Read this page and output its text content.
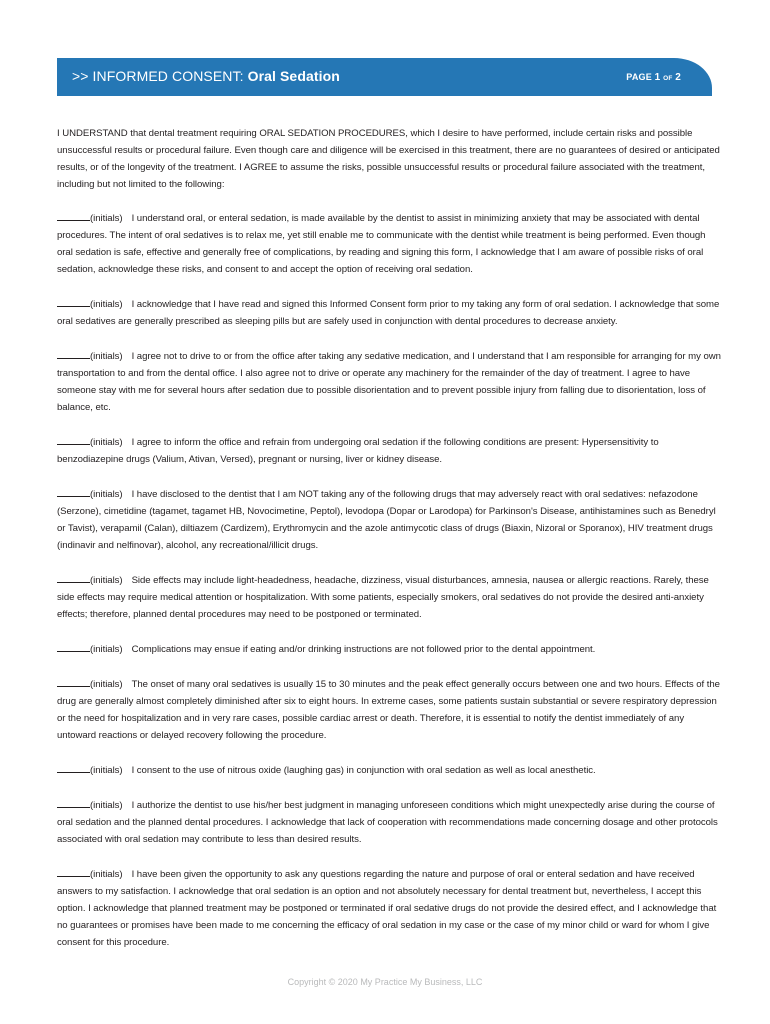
>> INFORMED CONSENT: Oral Sedation	PAGE 1 OF 2

I UNDERSTAND that dental treatment requiring ORAL SEDATION PROCEDURES, which I desire to have performed, include certain risks and possible unsuccessful results or procedural failure. Even though care and diligence will be exercised in this treatment, there are no guarantees of desired or anticipated results, or of the longevity of the treatment. I AGREE to assume the risks, possible unsuccessful results or procedural failure associated with the treatment, including but not limited to the following:

(initials) I understand oral, or enteral sedation, is made available by the dentist to assist in minimizing anxiety that may be associated with dental procedures. The intent of oral sedatives is to relax me, yet still enable me to communicate with the dentist while treatment is being performed. Even though oral sedation is safe, effective and generally free of complications, by reading and signing this form, I acknowledge that I am aware of possible risks of oral sedation, acknowledge these risks, and consent to and accept the option of receiving oral sedation.

(initials) I acknowledge that I have read and signed this Informed Consent form prior to my taking any form of oral sedation. I acknowledge that some oral sedatives are generally prescribed as sleeping pills but are safely used in conjunction with dental procedures to decrease anxiety.

(initials) I agree not to drive to or from the office after taking any sedative medication, and I understand that I am responsible for arranging for my own transportation to and from the dental office. I also agree not to drive or operate any machinery for the remainder of the day of treatment. I agree to have someone stay with me for several hours after sedation due to possible disorientation and to prevent possible injury from falling due to disorientation, loss of balance, etc.

(initials) I agree to inform the office and refrain from undergoing oral sedation if the following conditions are present: Hypersensitivity to benzodiazepine drugs (Valium, Ativan, Versed), pregnant or nursing, liver or kidney disease.

(initials) I have disclosed to the dentist that I am NOT taking any of the following drugs that may adversely react with oral sedatives: nefazodone (Serzone), cimetidine (tagamet, tagamet HB, Novocimetine, Peptol), levodopa (Dopar or Larodopa) for Parkinson's Disease, antihistamines such as Benedryl or Tavist), verapamil (Calan), diltiazem (Cardizem), Erythromycin and the azole antimycotic class of drugs (Biaxin, Nizoral or Sporanox), HIV treatment drugs (indinavir and nelfinovar), alcohol, any recreational/illicit drugs.

(initials) Side effects may include light-headedness, headache, dizziness, visual disturbances, amnesia, nausea or allergic reactions. Rarely, these side effects may require medical attention or hospitalization. With some patients, especially smokers, oral sedatives do not provide the desired anti-anxiety effects; therefore, planned dental procedures may need to be postponed or terminated.

(initials) Complications may ensue if eating and/or drinking instructions are not followed prior to the dental appointment.

(initials) The onset of many oral sedatives is usually 15 to 30 minutes and the peak effect generally occurs between one and two hours. Effects of the drug are generally almost completely diminished after six to eight hours. In extreme cases, some patients sustain substantial or severe respiratory depression or the need for hospitalization and in very rare cases, possible cardiac arrest or death. Therefore, it is essential to notify the dentist immediately of any untoward reactions or delayed recovery following the procedure.

(initials) I consent to the use of nitrous oxide (laughing gas) in conjunction with oral sedation as well as local anesthetic.

(initials) I authorize the dentist to use his/her best judgment in managing unforeseen conditions which might unexpectedly arise during the course of oral sedation and the planned dental procedures. I acknowledge that lack of cooperation with recommendations made concerning dosage and other protocols associated with oral sedation may contribute to less than desired results.

(initials) I have been given the opportunity to ask any questions regarding the nature and purpose of oral or enteral sedation and have received answers to my satisfaction. I acknowledge that oral sedation is an option and not absolutely necessary for dental treatment but, nevertheless, I accept this option. I acknowledge that planned treatment may be postponed or terminated if oral sedative drugs do not provide the desired effect, and I acknowledge that no guarantees or promises have been made to me concerning the efficacy of oral sedation in my case or the case of my minor child or ward for whom I give consent for this procedure.

Copyright © 2020 My Practice My Business, LLC
